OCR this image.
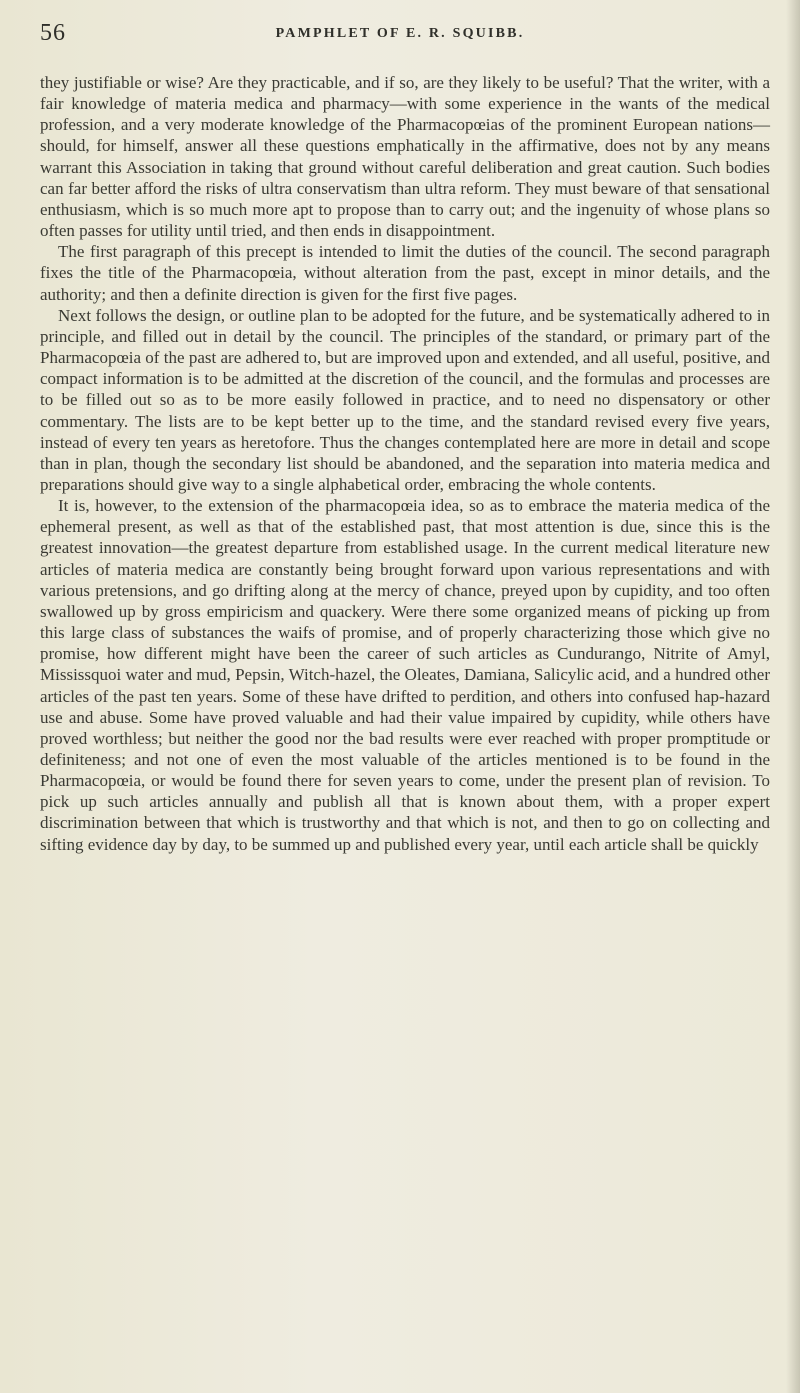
56	PAMPHLET OF E. R. SQUIBB.

they justifiable or wise? Are they practicable, and if so, are they likely to be useful? That the writer, with a fair knowledge of materia medica and pharmacy—with some experience in the wants of the medical profession, and a very moderate knowledge of the Pharmacopœias of the prominent European nations—should, for himself, answer all these questions emphatically in the affirmative, does not by any means warrant this Association in taking that ground without careful deliberation and great caution. Such bodies can far better afford the risks of ultra conservatism than ultra reform. They must beware of that sensational enthusiasm, which is so much more apt to propose than to carry out; and the ingenuity of whose plans so often passes for utility until tried, and then ends in disappointment.

The first paragraph of this precept is intended to limit the duties of the council. The second paragraph fixes the title of the Pharmacopœia, without alteration from the past, except in minor details, and the authority; and then a definite direction is given for the first five pages.

Next follows the design, or outline plan to be adopted for the future, and be systematically adhered to in principle, and filled out in detail by the council. The principles of the standard, or primary part of the Pharmacopœia of the past are adhered to, but are improved upon and extended, and all useful, positive, and compact information is to be admitted at the discretion of the council, and the formulas and processes are to be filled out so as to be more easily followed in practice, and to need no dispensatory or other commentary. The lists are to be kept better up to the time, and the standard revised every five years, instead of every ten years as heretofore. Thus the changes contemplated here are more in detail and scope than in plan, though the secondary list should be abandoned, and the separation into materia medica and preparations should give way to a single alphabetical order, embracing the whole contents.

It is, however, to the extension of the pharmacopœia idea, so as to embrace the materia medica of the ephemeral present, as well as that of the established past, that most attention is due, since this is the greatest innovation—the greatest departure from established usage. In the current medical literature new articles of materia medica are constantly being brought forward upon various representations and with various pretensions, and go drifting along at the mercy of chance, preyed upon by cupidity, and too often swallowed up by gross empiricism and quackery. Were there some organized means of picking up from this large class of substances the waifs of promise, and of properly characterizing those which give no promise, how different might have been the career of such articles as Cundurango, Nitrite of Amyl, Mississquoi water and mud, Pepsin, Witch-hazel, the Oleates, Damiana, Salicylic acid, and a hundred other articles of the past ten years. Some of these have drifted to perdition, and others into confused hap-hazard use and abuse. Some have proved valuable and had their value impaired by cupidity, while others have proved worthless; but neither the good nor the bad results were ever reached with proper promptitude or definiteness; and not one of even the most valuable of the articles mentioned is to be found in the Pharmacopœia, or would be found there for seven years to come, under the present plan of revision. To pick up such articles annually and publish all that is known about them, with a proper expert discrimination between that which is trustworthy and that which is not, and then to go on collecting and sifting evidence day by day, to be summed up and published every year, until each article shall be quickly
